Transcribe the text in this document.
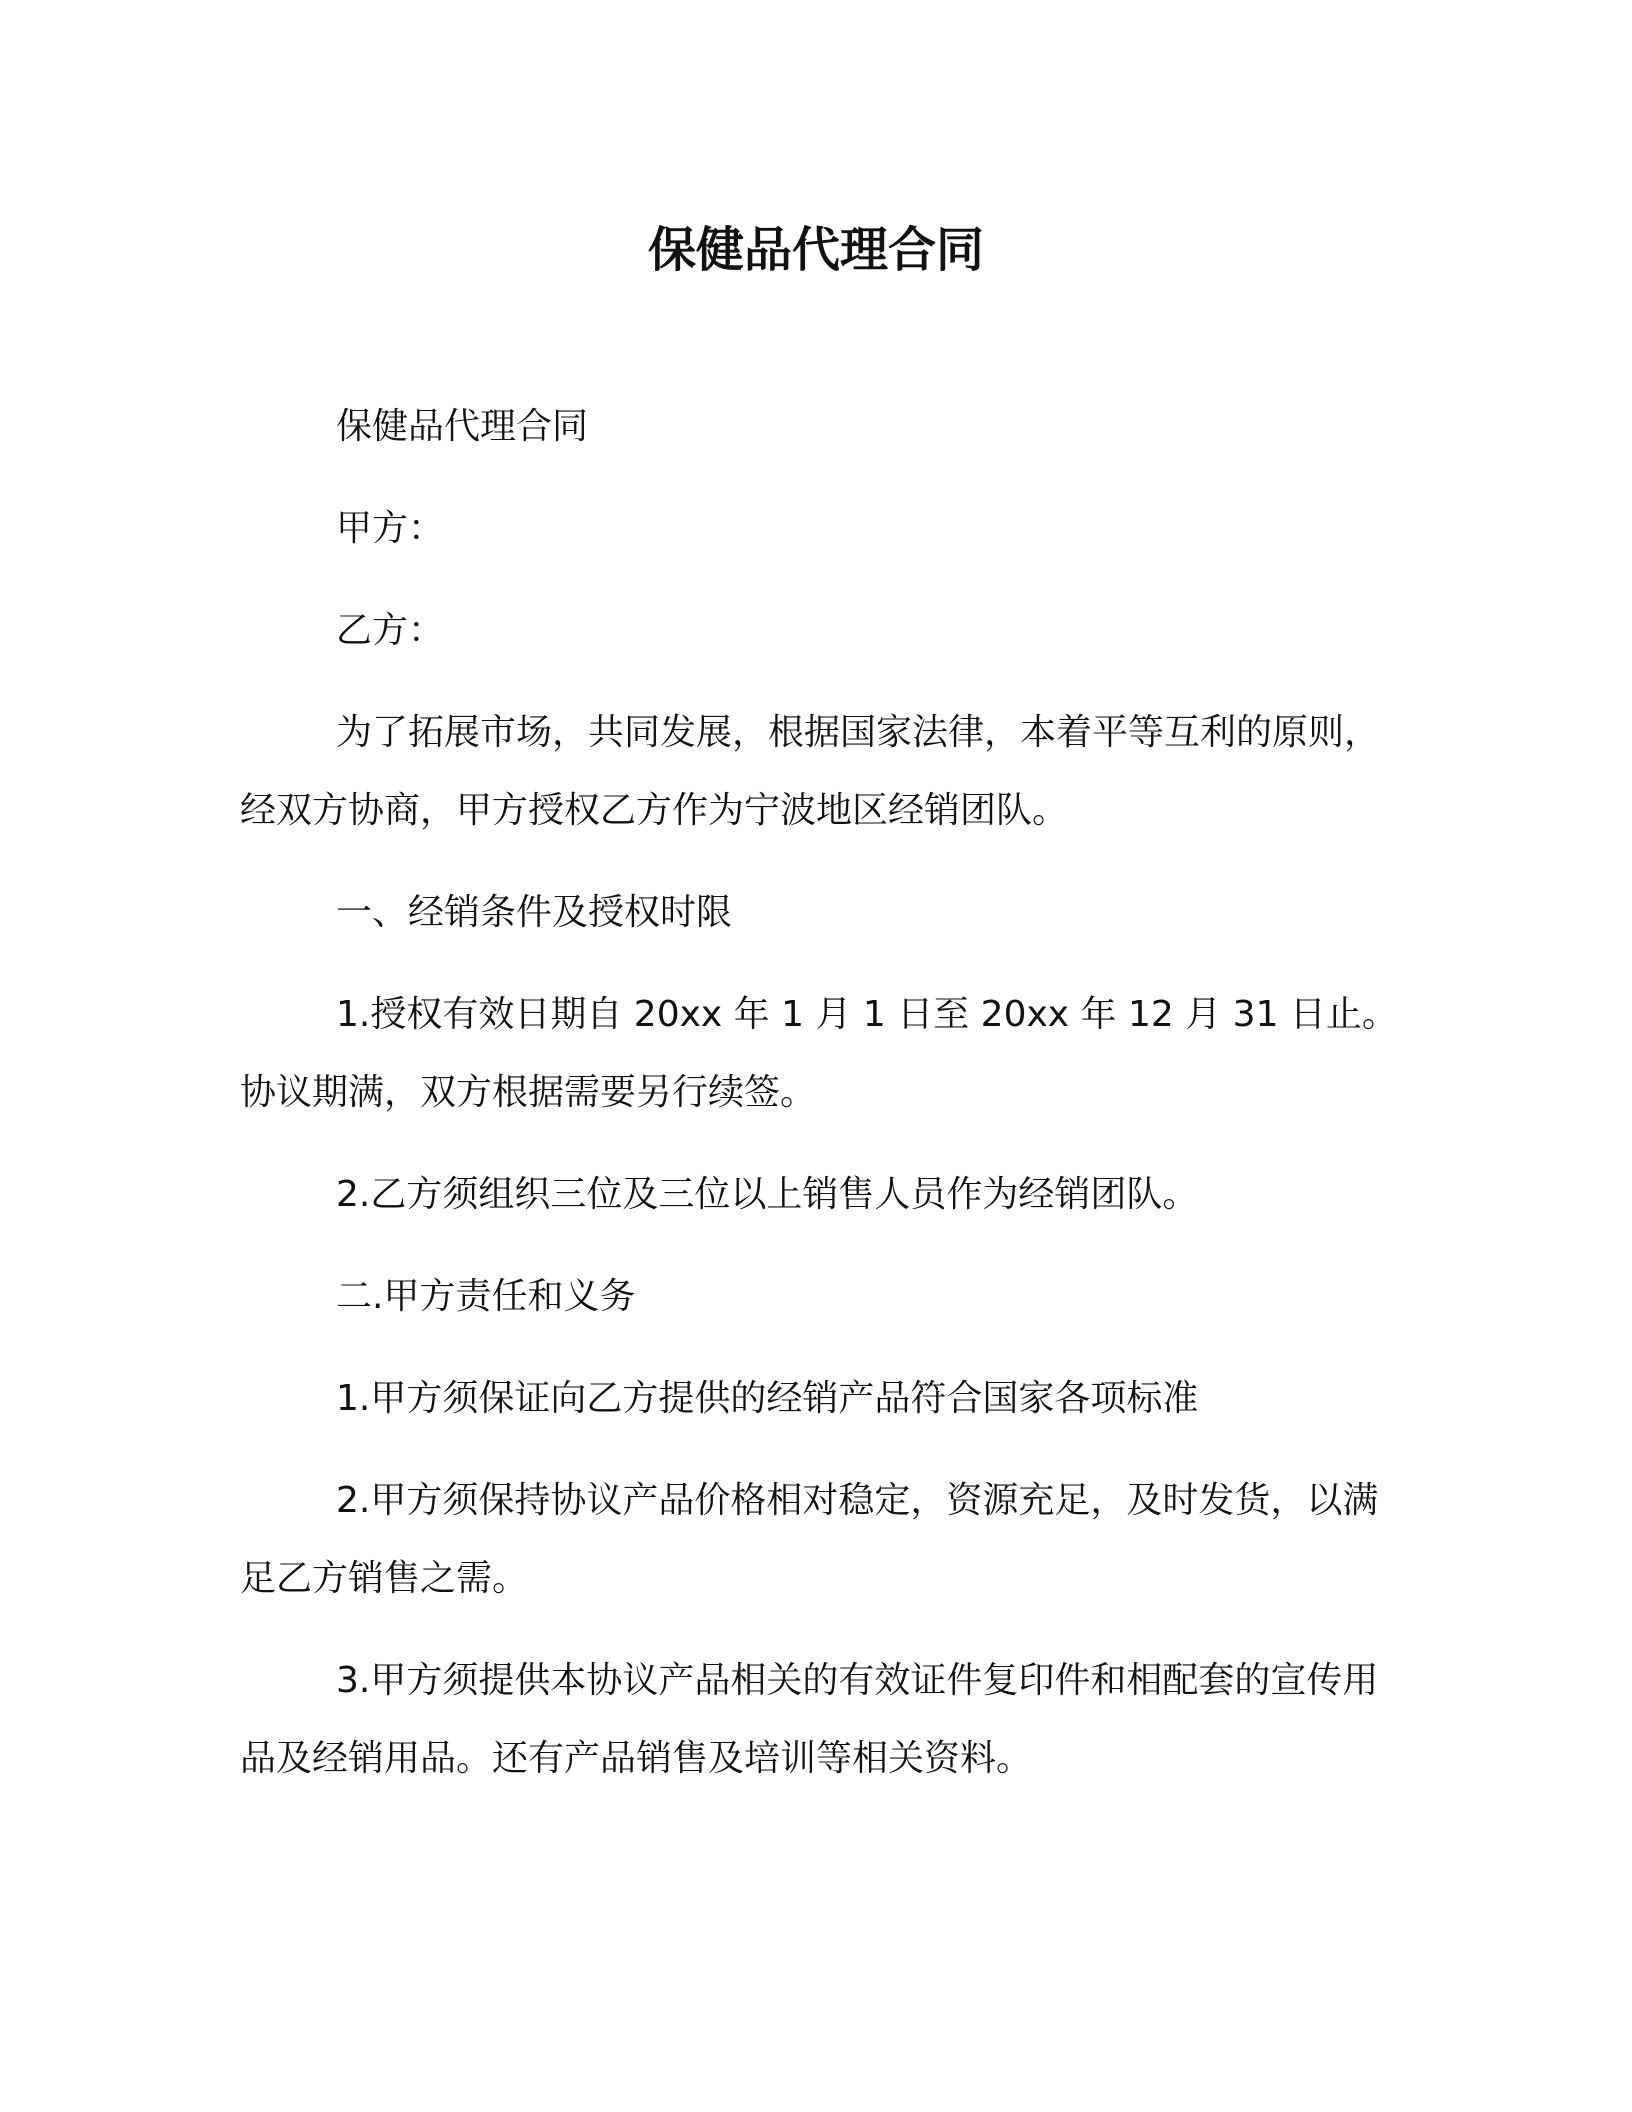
保健品代理合同

保健品代理合同

甲方：

乙方：

为了拓展市场，共同发展，根据国家法律，本着平等互利的原则，经双方协商，甲方授权乙方作为宁波地区经销团队。

一、经销条件及授权时限

1.授权有效日期自 20xx 年 1 月 1 日至 20xx 年 12 月 31 日止。协议期满，双方根据需要另行续签。

2.乙方须组织三位及三位以上销售人员作为经销团队。

二.甲方责任和义务

1.甲方须保证向乙方提供的经销产品符合国家各项标准

2.甲方须保持协议产品价格相对稳定，资源充足，及时发货，以满足乙方销售之需。

3.甲方须提供本协议产品相关的有效证件复印件和相配套的宣传用品及经销用品。还有产品销售及培训等相关资料。
